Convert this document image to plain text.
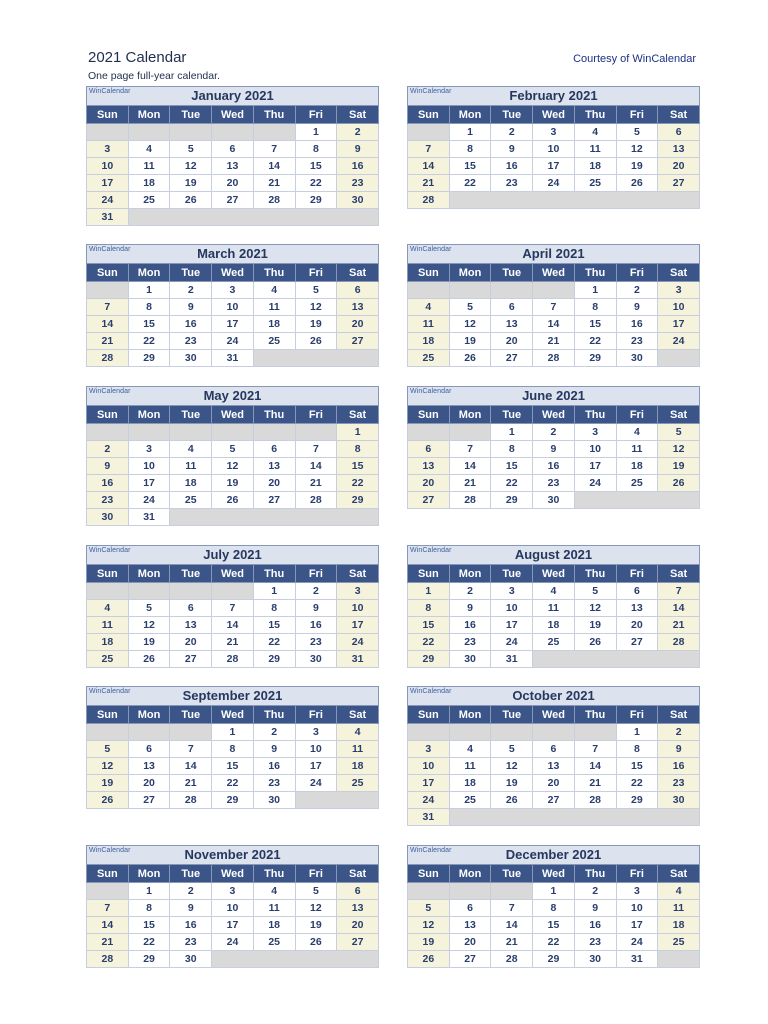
2021 Calendar
One page full-year calendar.
Courtesy of WinCalendar
WinCalendar	January 2021
Sun	Mon	Tue	Wed	Thu	Fri	Sat
					1	2
3	4	5	6	7	8	9
10	11	12	13	14	15	16
17	18	19	20	21	22	23
24	25	26	27	28	29	30
31						
WinCalendar	February 2021
Sun	Mon	Tue	Wed	Thu	Fri	Sat
	1	2	3	4	5	6
7	8	9	10	11	12	13
14	15	16	17	18	19	20
21	22	23	24	25	26	27
28						
WinCalendar	March 2021
Sun	Mon	Tue	Wed	Thu	Fri	Sat
	1	2	3	4	5	6
7	8	9	10	11	12	13
14	15	16	17	18	19	20
21	22	23	24	25	26	27
28	29	30	31			
WinCalendar	April 2021
Sun	Mon	Tue	Wed	Thu	Fri	Sat
				1	2	3
4	5	6	7	8	9	10
11	12	13	14	15	16	17
18	19	20	21	22	23	24
25	26	27	28	29	30	
WinCalendar	May 2021
Sun	Mon	Tue	Wed	Thu	Fri	Sat
						1
2	3	4	5	6	7	8
9	10	11	12	13	14	15
16	17	18	19	20	21	22
23	24	25	26	27	28	29
30	31					
WinCalendar	June 2021
Sun	Mon	Tue	Wed	Thu	Fri	Sat
		1	2	3	4	5
6	7	8	9	10	11	12
13	14	15	16	17	18	19
20	21	22	23	24	25	26
27	28	29	30			
WinCalendar	July 2021
Sun	Mon	Tue	Wed	Thu	Fri	Sat
				1	2	3
4	5	6	7	8	9	10
11	12	13	14	15	16	17
18	19	20	21	22	23	24
25	26	27	28	29	30	31
WinCalendar	August 2021
Sun	Mon	Tue	Wed	Thu	Fri	Sat
1	2	3	4	5	6	7
8	9	10	11	12	13	14
15	16	17	18	19	20	21
22	23	24	25	26	27	28
29	30	31				
WinCalendar	September 2021
Sun	Mon	Tue	Wed	Thu	Fri	Sat
			1	2	3	4
5	6	7	8	9	10	11
12	13	14	15	16	17	18
19	20	21	22	23	24	25
26	27	28	29	30		
WinCalendar	October 2021
Sun	Mon	Tue	Wed	Thu	Fri	Sat
					1	2
3	4	5	6	7	8	9
10	11	12	13	14	15	16
17	18	19	20	21	22	23
24	25	26	27	28	29	30
31						
WinCalendar	November 2021
Sun	Mon	Tue	Wed	Thu	Fri	Sat
	1	2	3	4	5	6
7	8	9	10	11	12	13
14	15	16	17	18	19	20
21	22	23	24	25	26	27
28	29	30				
WinCalendar	December 2021
Sun	Mon	Tue	Wed	Thu	Fri	Sat
			1	2	3	4
5	6	7	8	9	10	11
12	13	14	15	16	17	18
19	20	21	22	23	24	25
26	27	28	29	30	31	
